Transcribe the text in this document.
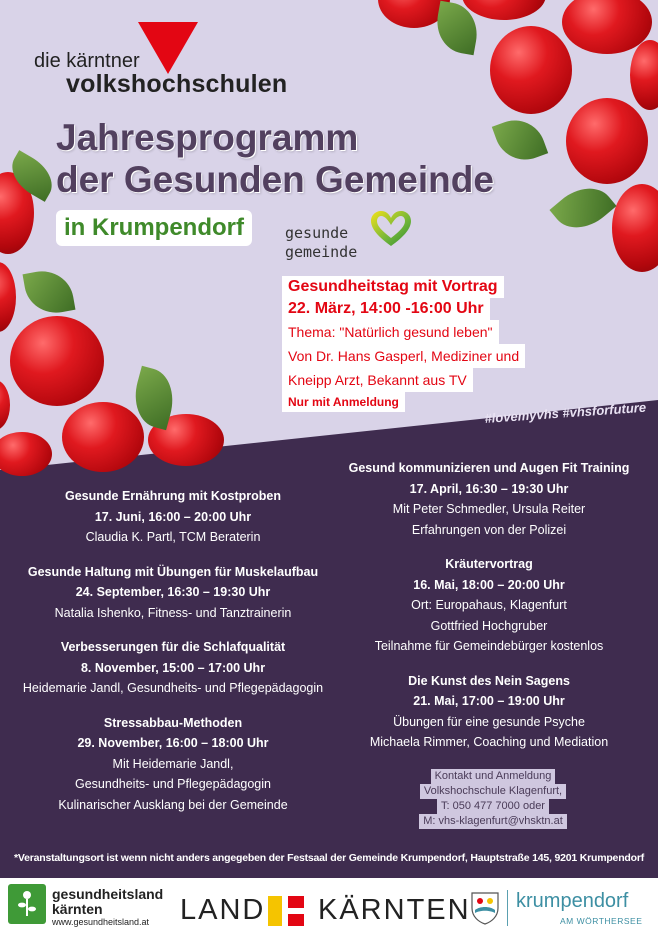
die kärntner
volkshochschulen
Jahresprogramm
der Gesunden Gemeinde
in Krumpendorf	gesunde
gemeinde
Gesundheitstag mit Vortrag
22. März, 14:00 -16:00 Uhr
Thema: "Natürlich gesund leben"
Von Dr. Hans Gasperl, Mediziner und
Kneipp Arzt, Bekannt aus TV
Nur mit Anmeldung	#lovemyvhs #vhsforfuture
Gesunde Ernährung mit Kostproben
17. Juni, 16:00 – 20:00 Uhr
Claudia K. Partl, TCM Beraterin
Gesunde Haltung mit Übungen für Muskelaufbau
24. September, 16:30 – 19:30 Uhr
Natalia Ishenko, Fitness- und Tanztrainerin
Verbesserungen für die Schlafqualität
8. November, 15:00 – 17:00 Uhr
Heidemarie Jandl, Gesundheits- und Pflegepädagogin
Stressabbau-Methoden
29. November, 16:00 – 18:00 Uhr
Mit Heidemarie Jandl,
Gesundheits- und Pflegepädagogin
Kulinarischer Ausklang bei der Gemeinde
Gesund kommunizieren und Augen Fit Training
17. April, 16:30 – 19:30 Uhr
Mit Peter Schmedler, Ursula Reiter
Erfahrungen von der Polizei
Kräutervortrag
16. Mai, 18:00 – 20:00 Uhr
Ort: Europahaus, Klagenfurt
Gottfried Hochgruber
Teilnahme für Gemeindebürger kostenlos
Die Kunst des Nein Sagens
21. Mai, 17:00 – 19:00 Uhr
Übungen für eine gesunde Psyche
Michaela Rimmer, Coaching und Mediation
Kontakt und Anmeldung
Volkshochschule Klagenfurt,
T: 050 477 7000 oder
M: vhs-klagenfurt@vhsktn.at
*Veranstaltungsort ist wenn nicht anders angegeben der Festsaal der Gemeinde Krumpendorf, Hauptstraße 145, 9201 Krumpendorf
gesundheitsland
kärnten
www.gesundheitsland.at LAND KÄRNTEN krumpendorf
AM WÖRTHERSEE
